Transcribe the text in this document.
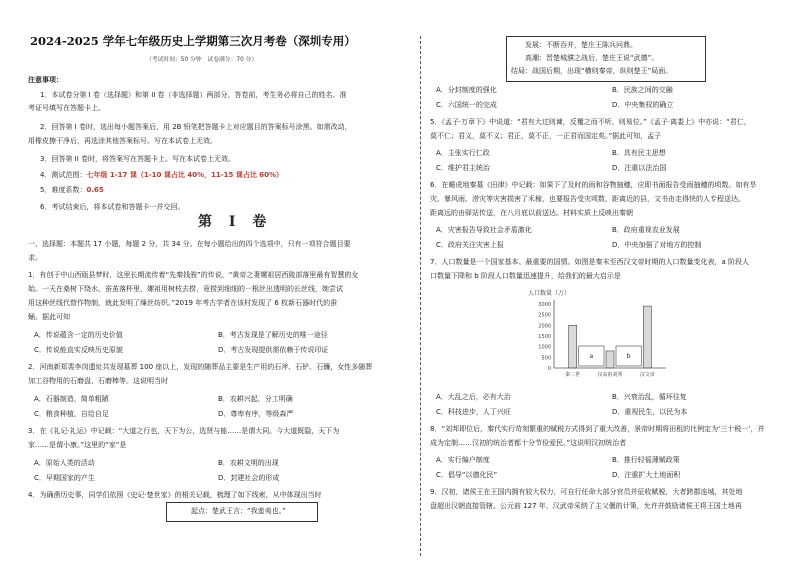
2024-2025 学年七年级历史上学期第三次月考卷（深圳专用）
（考试时间：50 分钟　试卷满分：70 分）
注意事项：
1．本试卷分第 I 卷（选择题）和第 II 卷（非选择题）两部分。答卷前，考生务必将自己的姓名、准
考证号填写在答题卡上。
2．回答第 I 卷时，选出每小题答案后，用 2B 铅笔把答题卡上对应题目的答案标号涂黑。如需改动，
用橡皮擦干净后，再选涂其他答案标号。写在本试卷上无效。
3．回答第 II 卷时，将答案写在答题卡上。写在本试卷上无效。
4．测试范围：七年级 1-17 课（1-10 课占比 40%，11-15 课占比 60%）
5．难度系数：0.65
6．考试结束后，将本试卷和答题卡一并交回。
第 I 卷
一、选择题：本题共 17 小题，每题 2 分，共 34 分。在每小题给出的四个选项中，只有一项符合题目要
求。
1．有创于中山西瓯县梦时，这里长期流传着“先秦钱骏”的传说，“黄帝之妻嫘祖居西陵部落里最有智慧的女
始。一天在桑树下绕水，蚕茧落杯里，嫘祖用树枝去捞，竟捞到细细的一根丝出透明的长丝线，她尝试
用这种丝线代替作物制，就此发明了缫丝纺织。”2019 年考古学者在该村发现了 6 枚新石器时代的蚕
蛹。据此可知
A．传说蕴含一定的历史价值	B．考古发现是了解历史的唯一途径
C．传说能直实反映历史原貌	D．考古发现提供需依赖于传说印证
2．河南新郑裴李岗遗址共发现墓葬 100 座以上，发现的随葬品主要是生产用的石斧、石铲、石镰，女性多随葬
加工谷物用的石磨盘、石磨棒等。这说明当时
A．石器制造，简单粗陋	B．农耕兴起，分工明确
C．粮食种植，自给自足	D．尊卑有序，等级森严
3．在《礼记·礼运》中记载：“大道之行也，天下为公，选贤与能……是谓大同。今大道既隐，天下为
家……是谓小康。”这里的“家”是
A．原始人类的活动	B．农耕文明的出现
C．早期国家的产生	D．封建社会的形成
4．为确凿历史事，同学们依照《史记·楚世家》的相关记载，梳理了如下线索，从中体现出当时
起点：楚武王言：“我蛮夷也。”
发展：不断吞并，楚庄王陈兵问鼎。
高潮：晋楚城濮之战后，楚庄王说“武德”。
结局：战国后期，出现“横则秦帝，纵则楚王”局面。
A．分封制度的强化	B．民族之间的交融
C．六国统一的完成	D．中央集权的确立
5．《孟子·万章下》中说道：“君有大过则谏，反覆之而不听，则易位。”《孟子·离娄上》中亦说：“君仁，
莫不仁；君义，莫不义；君正，莫不正，一正君而国定矣。”据此可知，孟子
A．主张实行仁政	B．具有民主思想
C．维护君主统治	D．注重以法治国
6．在睡虎地秦墓《田律》中记载：如果下了及时的雨和谷物抽穗，应即书面报告受雨抽穗的顷数。如有旱
灾、暴风雨、涝灾等灾害损害了禾稼，也要报告受灾顷数，距离近的县，文书由走得快的人专程送达。
距离远的由驿站传送，在八月底以前送达。材料实质上反映出秦朝
A．灾害报告导致社会矛盾激化	B．政府重视农业发展
C．政府关注灾害上报	D．中央加强了对地方的控制
7．人口数量是一个国家基本、最重要的国情。如图是秦末至西汉文帝时期的人口数量变化表，a 阶段人
口数量下降和 b 阶段人口数量迅速提升，给我们的最大启示是
人口数量（万）
3000
2500
2000
1500
1000
500
0
a	b
秦二世	汉高祖刘邦	汉文帝
A．大乱之后，必有大治	B．兴衰治乱，循环往复
C．科技进步，人丁兴旺	D．重视民生，以民为本
8．“刘邦即位后，秦代实行苛刻繁重的赋税方式得到了重大改善，景帝时期将田租的比例定为‘三十税一’，并
成为定制……汉初的统治者都十分节俭爱民。”这说明汉初统治者
A．实行编户制度	B．推行轻徭薄赋政策
C．倡导“以德化民”	D．注重扩大土地面积
9．汉初，诸侯王在王国内拥有较大权力，可自行任命大部分官员并征收赋税，大者跨郡连城，其处地
盘超出汉朝直接管辖。公元前 127 年，汉武帝采纳了主父偃的计策，允许并鼓励诸侯王将王国土地再
